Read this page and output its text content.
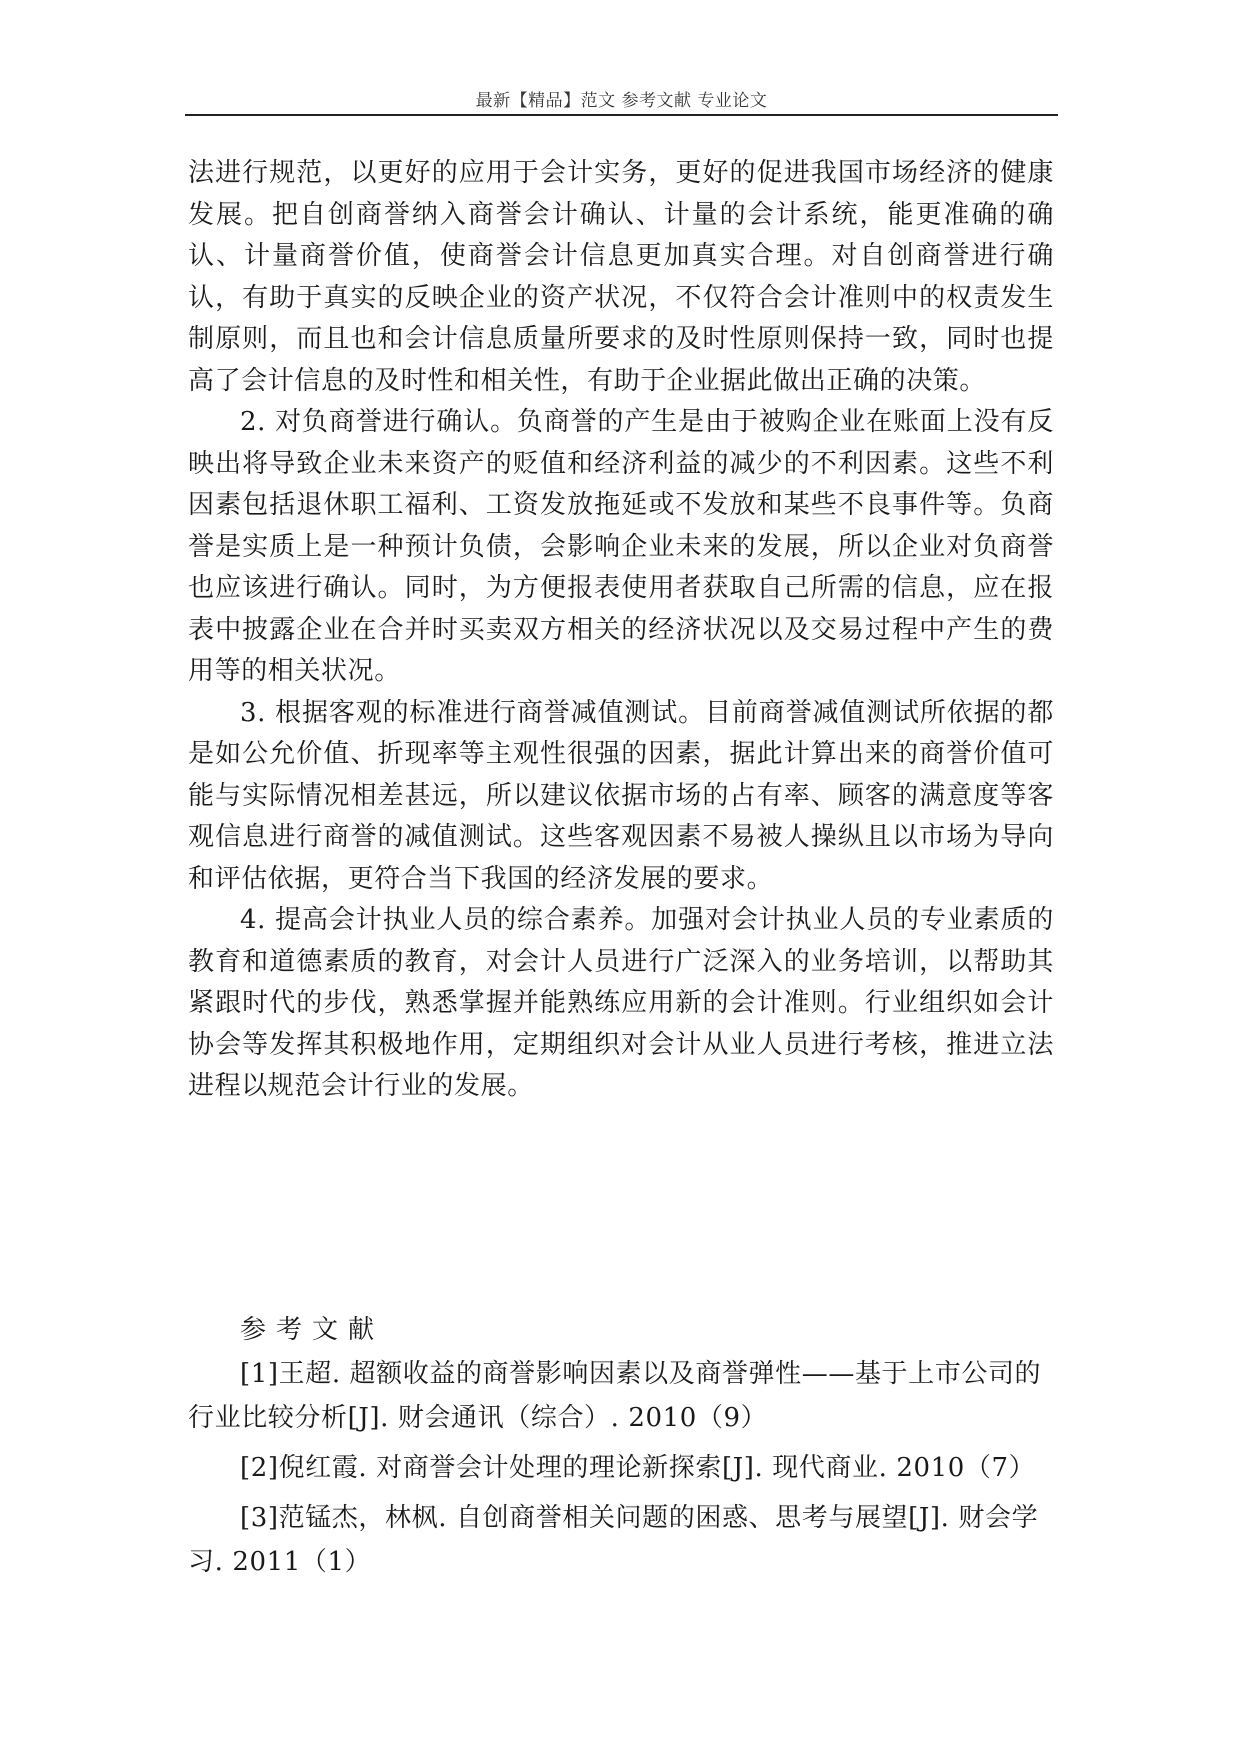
最新【精品】范文 参考文献 专业论文

法进行规范，以更好的应用于会计实务，更好的促进我国市场经济的健康发展。把自创商誉纳入商誉会计确认、计量的会计系统，能更准确的确认、计量商誉价值，使商誉会计信息更加真实合理。对自创商誉进行确认，有助于真实的反映企业的资产状况，不仅符合会计准则中的权责发生制原则，而且也和会计信息质量所要求的及时性原则保持一致，同时也提高了会计信息的及时性和相关性，有助于企业据此做出正确的决策。

2. 对负商誉进行确认。负商誉的产生是由于被购企业在账面上没有反映出将导致企业未来资产的贬值和经济利益的减少的不利因素。这些不利因素包括退休职工福利、工资发放拖延或不发放和某些不良事件等。负商誉是实质上是一种预计负债，会影响企业未来的发展，所以企业对负商誉也应该进行确认。同时，为方便报表使用者获取自己所需的信息，应在报表中披露企业在合并时买卖双方相关的经济状况以及交易过程中产生的费用等的相关状况。

3. 根据客观的标准进行商誉减值测试。目前商誉减值测试所依据的都是如公允价值、折现率等主观性很强的因素，据此计算出来的商誉价值可能与实际情况相差甚远，所以建议依据市场的占有率、顾客的满意度等客观信息进行商誉的减值测试。这些客观因素不易被人操纵且以市场为导向和评估依据，更符合当下我国的经济发展的要求。

4. 提高会计执业人员的综合素养。加强对会计执业人员的专业素质的教育和道德素质的教育，对会计人员进行广泛深入的业务培训，以帮助其紧跟时代的步伐，熟悉掌握并能熟练应用新的会计准则。行业组织如会计协会等发挥其积极地作用，定期组织对会计从业人员进行考核，推进立法进程以规范会计行业的发展。

参考文献

[1]王超. 超额收益的商誉影响因素以及商誉弹性——基于上市公司的行业比较分析[J]. 财会通讯（综合）. 2010（9）

[2]倪红霞. 对商誉会计处理的理论新探索[J]. 现代商业. 2010（7）

[3]范锰杰，林枫. 自创商誉相关问题的困惑、思考与展望[J]. 财会学习. 2011（1）
